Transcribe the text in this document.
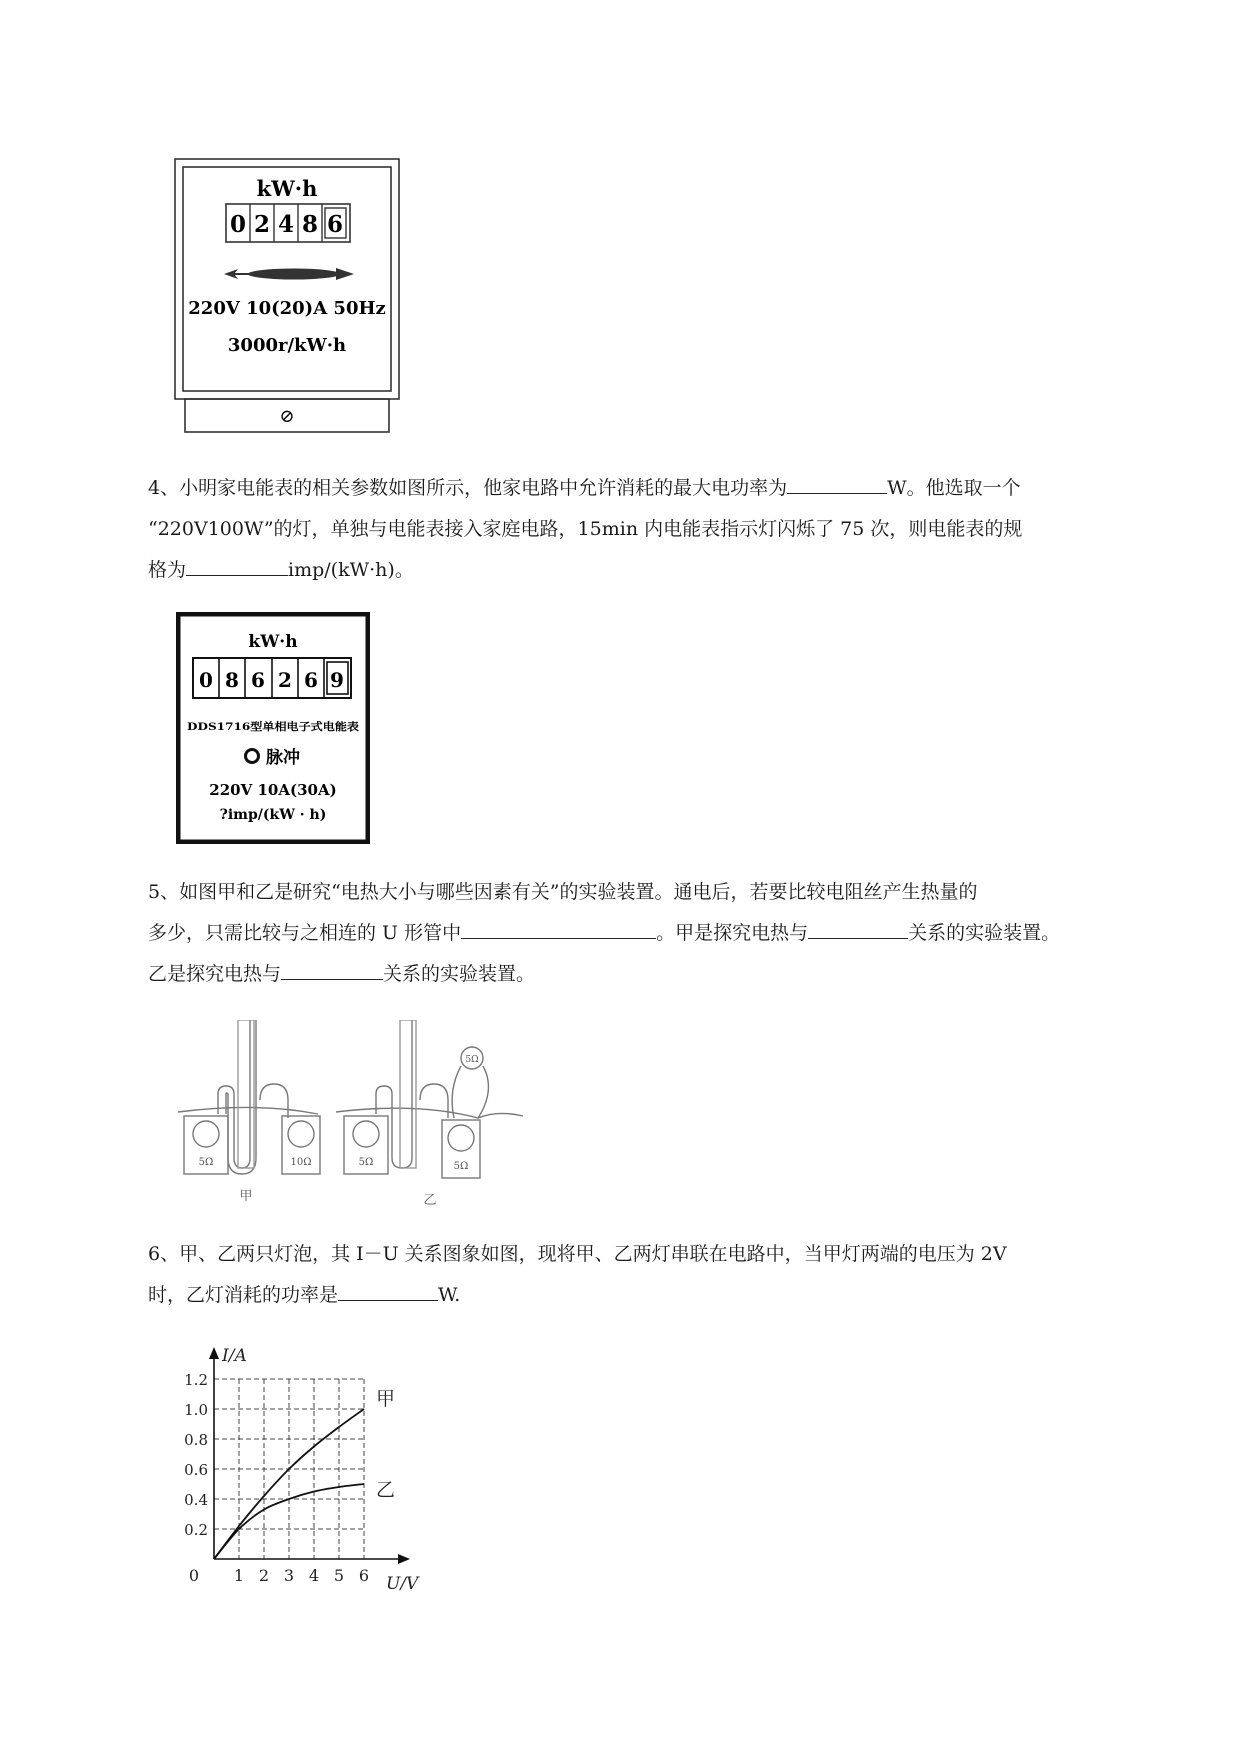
kW·h
0 2 4 8 6
220V 10(20)A 50Hz
3000r/kW·h
⊘

4、小明家电能表的相关参数如图所示，他家电路中允许消耗的最大电功率为	W。他选取一个

“220V100W”的灯，单独与电能表接入家庭电路，15min 内电能表指示灯闪烁了 75 次，则电能表的规

格为	imp/(kW·h)。

kW·h
0 8 6 2 6 9
DDS1716型单相电子式电能表
脉冲
220V 10A(30A)
?imp/(kW · h)

5、如图甲和乙是研究“电热大小与哪些因素有关”的实验装置。通电后，若要比较电阻丝产生热量的

多少，只需比较与之相连的 U 形管中	。甲是探究电热与	关系的实验装置。

乙是探究电热与	关系的实验装置。

5Ω	10Ω
甲
5Ω	5Ω
5Ω
乙

6、甲、乙两只灯泡，其 I－U 关系图象如图，现将甲、乙两灯串联在电路中，当甲灯两端的电压为 2V

时，乙灯消耗的功率是	W.

1 2 3 4 5 6
0.2
0.4
0.6
0.8
1.0
1.2
0	U/V
I/A
甲
乙
